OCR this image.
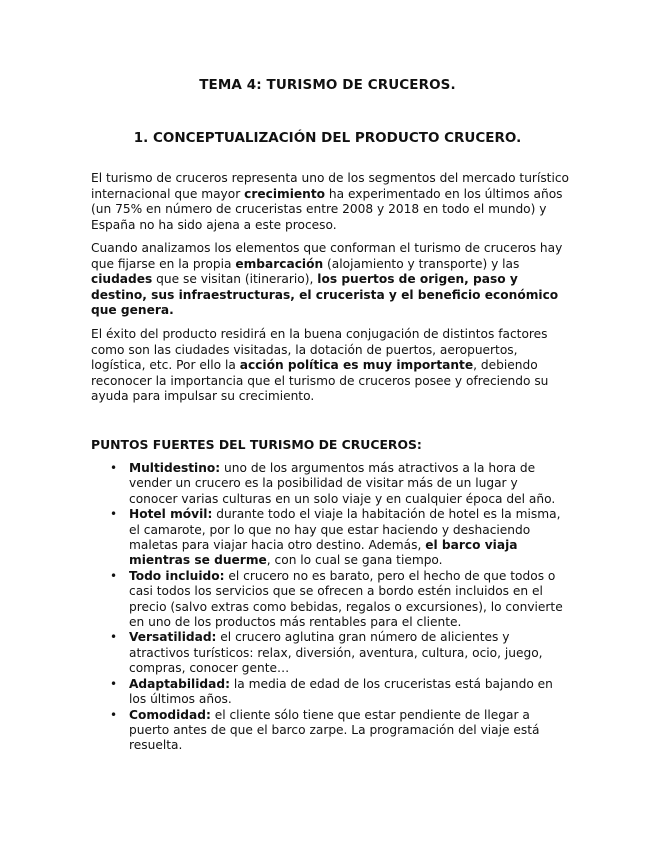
TEMA 4: TURISMO DE CRUCEROS.
1. CONCEPTUALIZACIÓN DEL PRODUCTO CRUCERO.

El turismo de cruceros representa uno de los segmentos del mercado turístico internacional que mayor crecimiento ha experimentado en los últimos años (un 75% en número de cruceristas entre 2008 y 2018 en todo el mundo) y España no ha sido ajena a este proceso.

Cuando analizamos los elementos que conforman el turismo de cruceros hay que fijarse en la propia embarcación (alojamiento y transporte) y las ciudades que se visitan (itinerario), los puertos de origen, paso y destino, sus infraestructuras, el crucerista y el beneficio económico que genera.

El éxito del producto residirá en la buena conjugación de distintos factores como son las ciudades visitadas, la dotación de puertos, aeropuertos, logística, etc. Por ello la acción política es muy importante, debiendo reconocer la importancia que el turismo de cruceros posee y ofreciendo su ayuda para impulsar su crecimiento.

PUNTOS FUERTES DEL TURISMO DE CRUCEROS:

• Multidestino: uno de los argumentos más atractivos a la hora de vender un crucero es la posibilidad de visitar más de un lugar y conocer varias culturas en un solo viaje y en cualquier época del año.
• Hotel móvil: durante todo el viaje la habitación de hotel es la misma, el camarote, por lo que no hay que estar haciendo y deshaciendo maletas para viajar hacia otro destino. Además, el barco viaja mientras se duerme, con lo cual se gana tiempo.
• Todo incluido: el crucero no es barato, pero el hecho de que todos o casi todos los servicios que se ofrecen a bordo estén incluidos en el precio (salvo extras como bebidas, regalos o excursiones), lo convierte en uno de los productos más rentables para el cliente.
• Versatilidad: el crucero aglutina gran número de alicientes y atractivos turísticos: relax, diversión, aventura, cultura, ocio, juego, compras, conocer gente…
• Adaptabilidad: la media de edad de los cruceristas está bajando en los últimos años.
• Comodidad: el cliente sólo tiene que estar pendiente de llegar a puerto antes de que el barco zarpe. La programación del viaje está resuelta.
